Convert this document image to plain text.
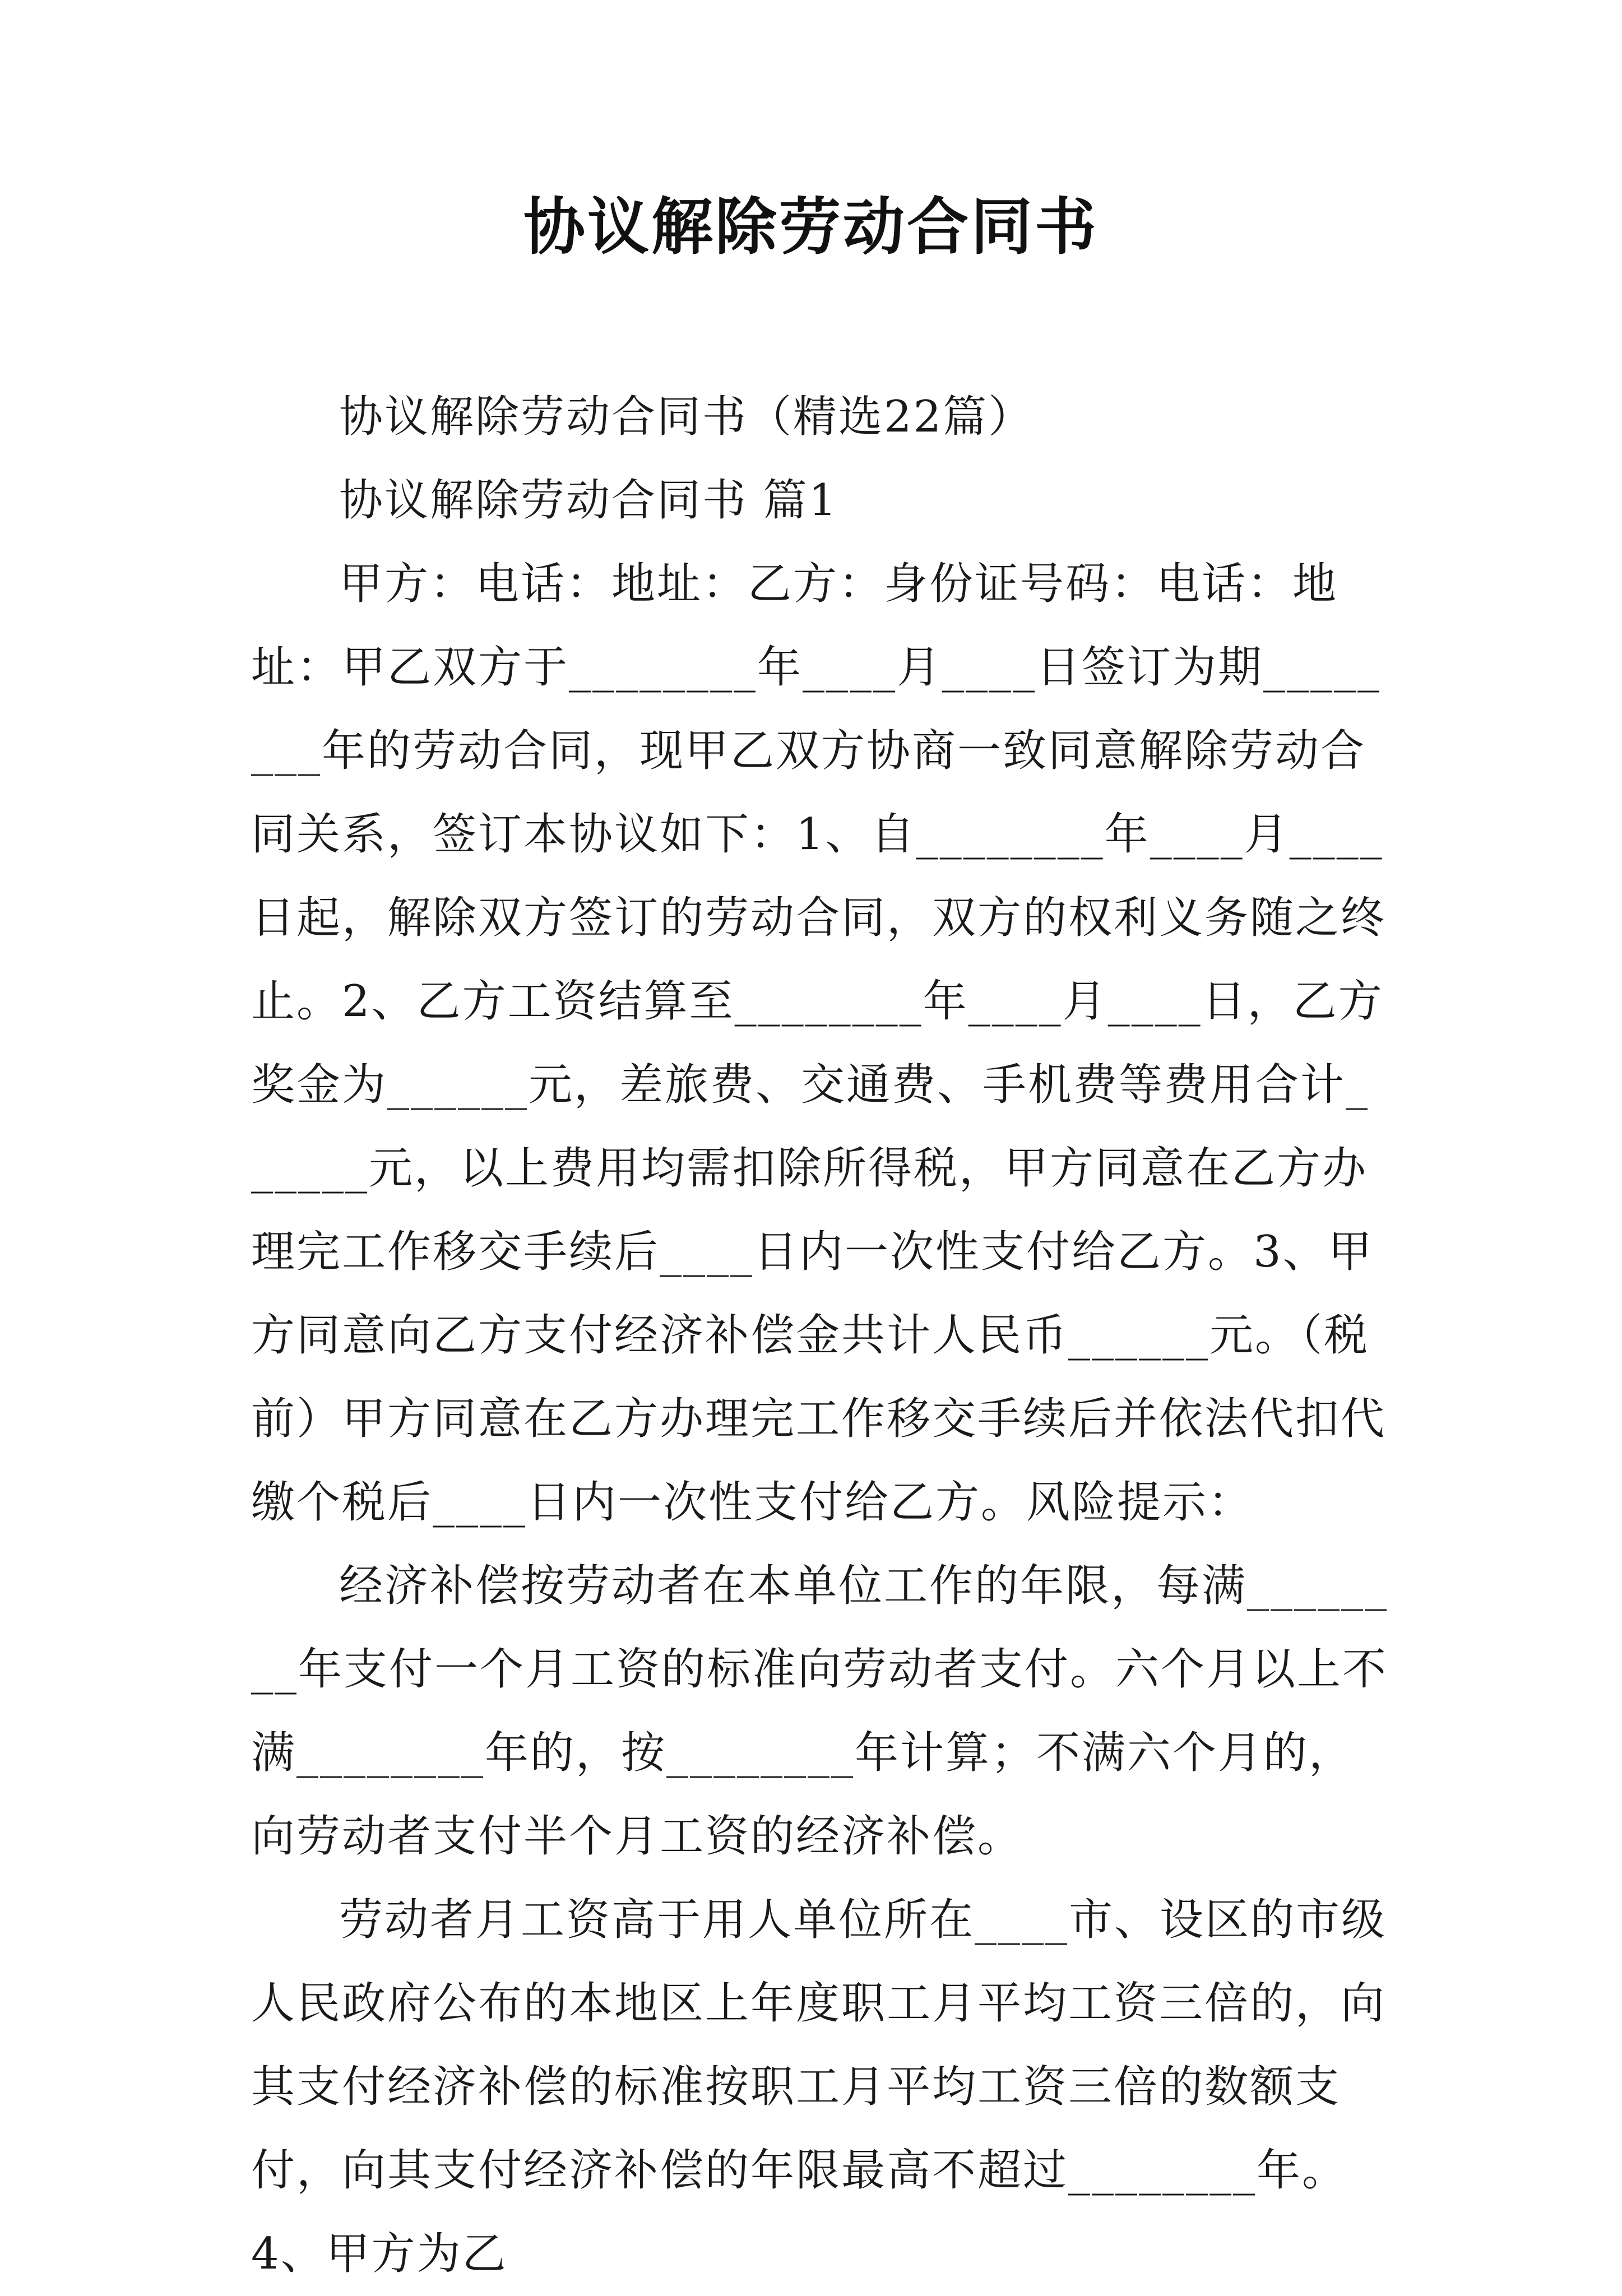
协议解除劳动合同书

协议解除劳动合同书（精选22篇）

协议解除劳动合同书 篇1

甲方：电话：地址：乙方：身份证号码：电话：地址：甲乙双方于________年____月____日签订为期________年的劳动合同，现甲乙双方协商一致同意解除劳动合同关系，签订本协议如下：1、自________年____月____日起，解除双方签订的劳动合同，双方的权利义务随之终止。2、乙方工资结算至________年____月____日，乙方奖金为______元，差旅费、交通费、手机费等费用合计______元，以上费用均需扣除所得税，甲方同意在乙方办理完工作移交手续后____日内一次性支付给乙方。3、甲方同意向乙方支付经济补偿金共计人民币______元。（税前）甲方同意在乙方办理完工作移交手续后并依法代扣代缴个税后____日内一次性支付给乙方。风险提示：

经济补偿按劳动者在本单位工作的年限，每满________年支付一个月工资的标准向劳动者支付。六个月以上不满________年的，按________年计算；不满六个月的，向劳动者支付半个月工资的经济补偿。

劳动者月工资高于用人单位所在____市、设区的市级人民政府公布的本地区上年度职工月平均工资三倍的，向其支付经济补偿的标准按职工月平均工资三倍的数额支付，向其支付经济补偿的年限最高不超过________年。4、甲方为乙
